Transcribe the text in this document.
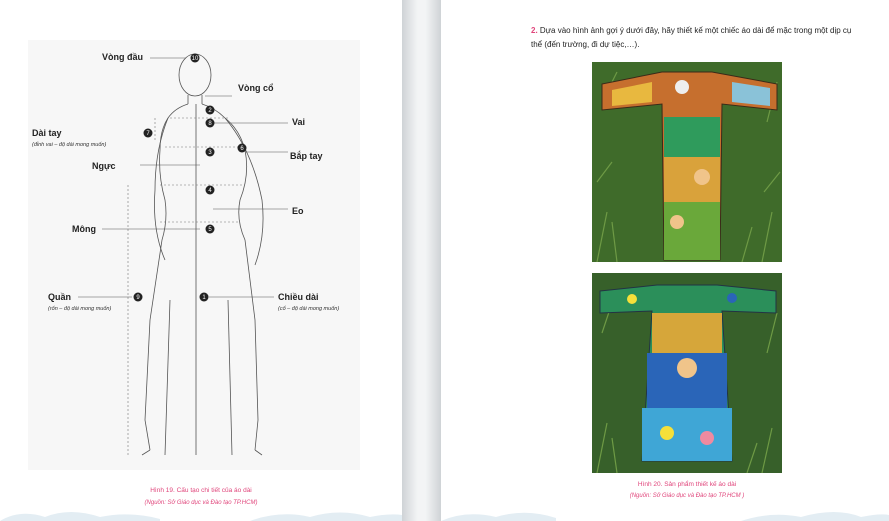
1
2
3
4
5
6
7
8
9
10
Vòng đầu
Vòng cổ
Vai
Dài tay
(đỉnh vai – độ dài mong muốn)
Bắp tay
Ngực
Eo
Mông
Quần
(rốn – độ dài mong muốn)
Chiều dài
(cổ – độ dài mong muốn)
Hình 19. Cấu tạo chi tiết của áo dài
(Nguồn: Sở Giáo dục và Đào tạo TP.HCM)
2. Dựa vào hình ảnh gợi ý dưới đây, hãy thiết kế một chiếc áo dài để mặc trong một dịp cụ thể (đến trường, đi dự tiệc,…).
Hình 20. Sản phẩm thiết kế áo dài
(Nguồn: Sở Giáo dục và Đào tạo TP.HCM )
